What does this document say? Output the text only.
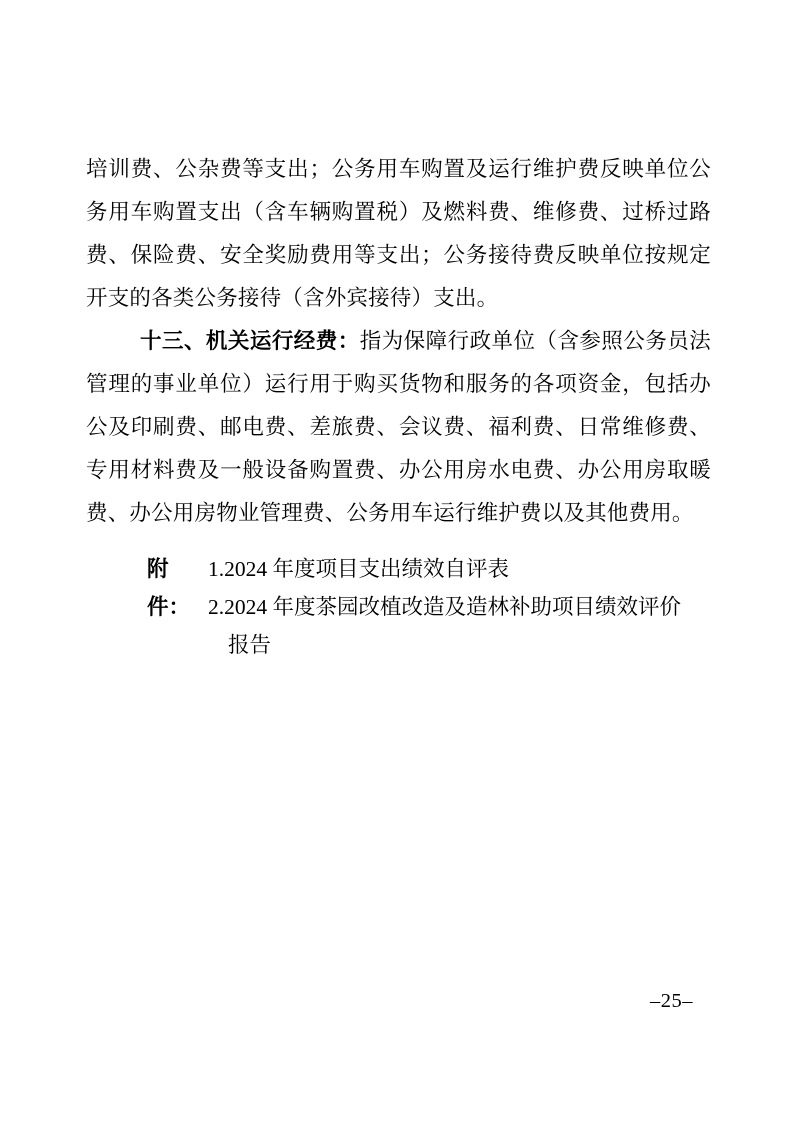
培训费、公杂费等支出；公务用车购置及运行维护费反映单位公
务用车购置支出（含车辆购置税）及燃料费、维修费、过桥过路
费、保险费、安全奖励费用等支出；公务接待费反映单位按规定
开支的各类公务接待（含外宾接待）支出。
十三、机关运行经费：指为保障行政单位（含参照公务员法
管理的事业单位）运行用于购买货物和服务的各项资金，包括办
公及印刷费、邮电费、差旅费、会议费、福利费、日常维修费、
专用材料费及一般设备购置费、办公用房水电费、办公用房取暖
费、办公用房物业管理费、公务用车运行维护费以及其他费用。
附件：
1.2024 年度项目支出绩效自评表
2.2024 年度茶园改植改造及造林补助项目绩效评价
报告
–25–
